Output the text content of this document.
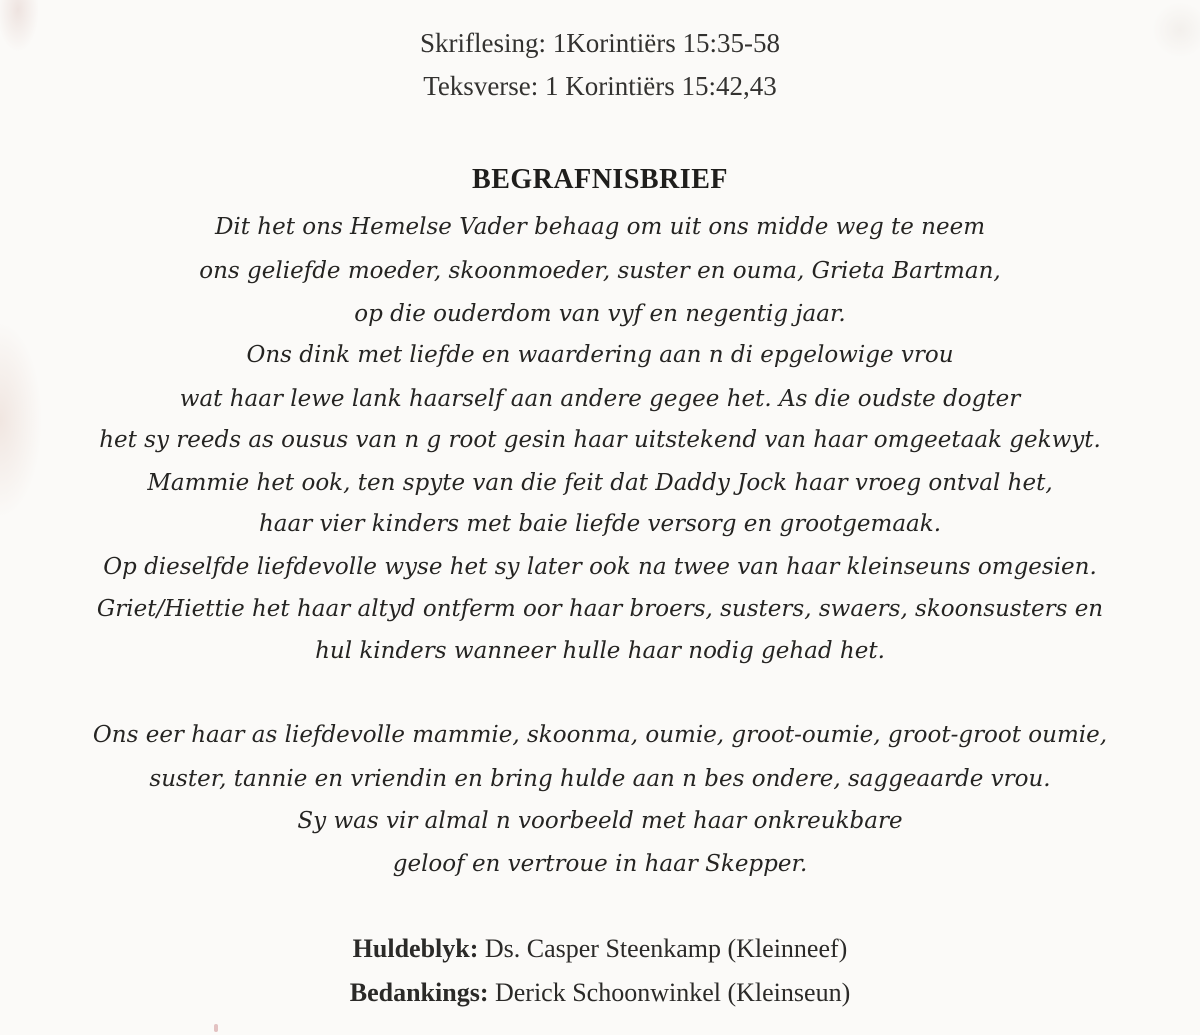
Skriflesing: 1Korintiërs 15:35-58
Teksverse: 1 Korintiërs 15:42,43
BEGRAFNISBRIEF
Dit het ons Hemelse Vader behaag om uit ons midde weg te neem
ons geliefde moeder, skoonmoeder, suster en ouma, Grieta Bartman,
op die ouderdom van vyf en negentig jaar.
Ons dink met liefde en waardering aan n di epgelowige vrou
wat haar lewe lank haarself aan andere gegee het. As die oudste dogter
het sy reeds as ousus van n g root gesin haar uitstekend van haar omgeetaak gekwyt.
Mammie het ook, ten spyte van die feit dat Daddy Jock haar vroeg ontval het,
haar vier kinders met baie liefde versorg en grootgemaak.
Op dieselfde liefdevolle wyse het sy later ook na twee van haar kleinseuns omgesien.
Griet/Hiettie het haar altyd ontferm oor haar broers, susters, swaers, skoonsusters en
hul kinders wanneer hulle haar nodig gehad het.
Ons eer haar as liefdevolle mammie, skoonma, oumie, groot-oumie, groot-groot oumie,
suster, tannie en vriendin en bring hulde aan n bes ondere, saggeaarde vrou.
Sy was vir almal n voorbeeld met haar onkreukbare
geloof en vertroue in haar Skepper.
Huldeblyk: Ds. Casper Steenkamp (Kleinneef)
Bedankings: Derick Schoonwinkel (Kleinseun)
